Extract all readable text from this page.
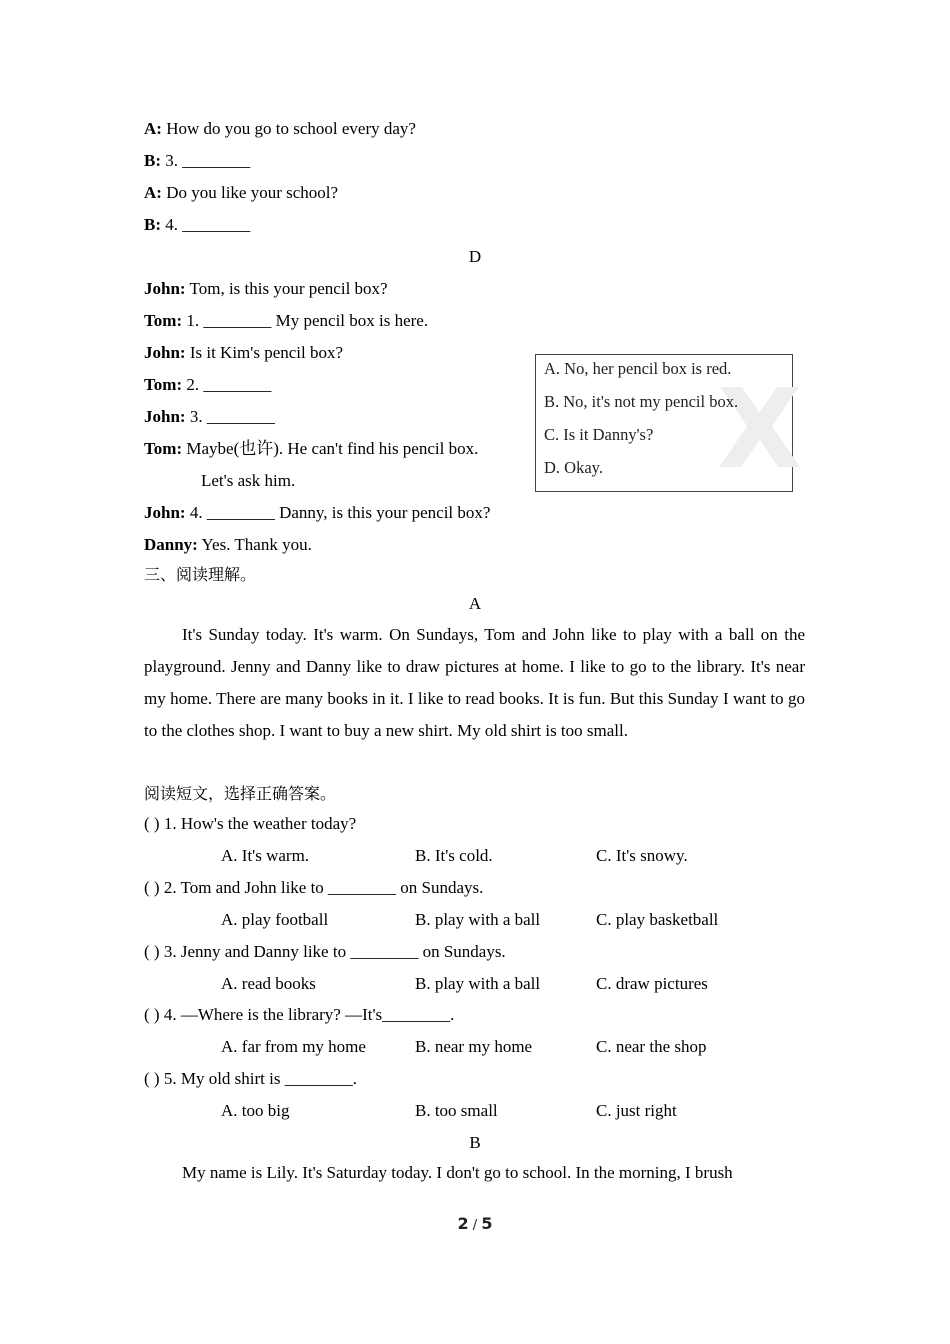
A: How do you go to school every day?
B: 3. ________
A: Do you like your school?
B: 4. ________
D
John: Tom, is this your pencil box?
Tom: 1. ________ My pencil box is here.
John: Is it Kim's pencil box?
Tom: 2. ________
John: 3. ________
Tom: Maybe(也许). He can't find his pencil box.
Let's ask him.
John: 4. ________ Danny, is this your pencil box?
Danny: Yes. Thank you.
X
A. No, her pencil box is red.
B. No, it's not my pencil box.
C. Is it Danny's?
D. Okay.
三、阅读理解。
A
It's Sunday today. It's warm. On Sundays, Tom and John like to play with a ball on the playground. Jenny and Danny like to draw pictures at home. I like to go to the library. It's near my home. There are many books in it. I like to read books. It is fun. But this Sunday I want to go to the clothes shop. I want to buy a new shirt. My old shirt is too small.
阅读短文，选择正确答案。
( ) 1. How's the weather today?
A. It's warm.	B. It's cold.	C. It's snowy.
( ) 2. Tom and John like to ________ on Sundays.
A. play football	B. play with a ball	C. play basketball
( ) 3. Jenny and Danny like to ________ on Sundays.
A. read books	B. play with a ball	C. draw pictures
( ) 4. —Where is the library? —It's________.
A. far from my home	B. near my home	C. near the shop
( ) 5. My old shirt is ________.
A. too big	B. too small	C. just right
B
My name is Lily. It's Saturday today. I don't go to school. In the morning, I brush
2 / 5
